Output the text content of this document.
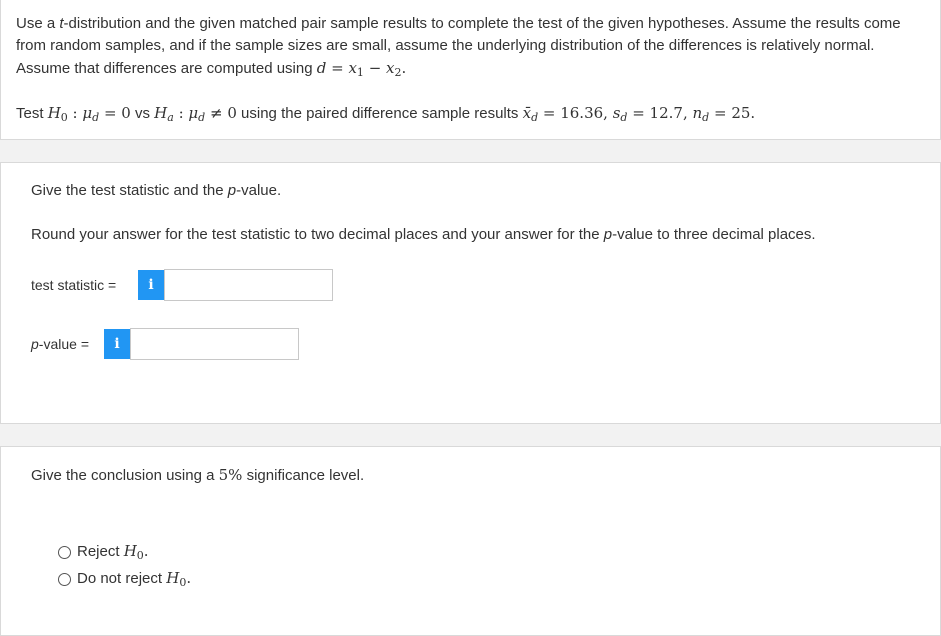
Use a t-distribution and the given matched pair sample results to complete the test of the given hypotheses. Assume the results come from random samples, and if the sample sizes are small, assume the underlying distribution of the differences is relatively normal. Assume that differences are computed using $d = x_1 - x_2$.

Test $H_0$ : $\mu_d = 0$ vs $H_a$ : $\mu_d \ne 0$ using the paired difference sample results $x̄_d = 16.36$, $s_d = 12.7$, $n_d = 25$.
Give the test statistic and the p-value.
Round your answer for the test statistic to two decimal places and your answer for the p-value to three decimal places.
test statistic =	i
p-value =	i
Give the conclusion using a 5% significance level.
Reject $H_0$.
Do not reject $H_0$.
